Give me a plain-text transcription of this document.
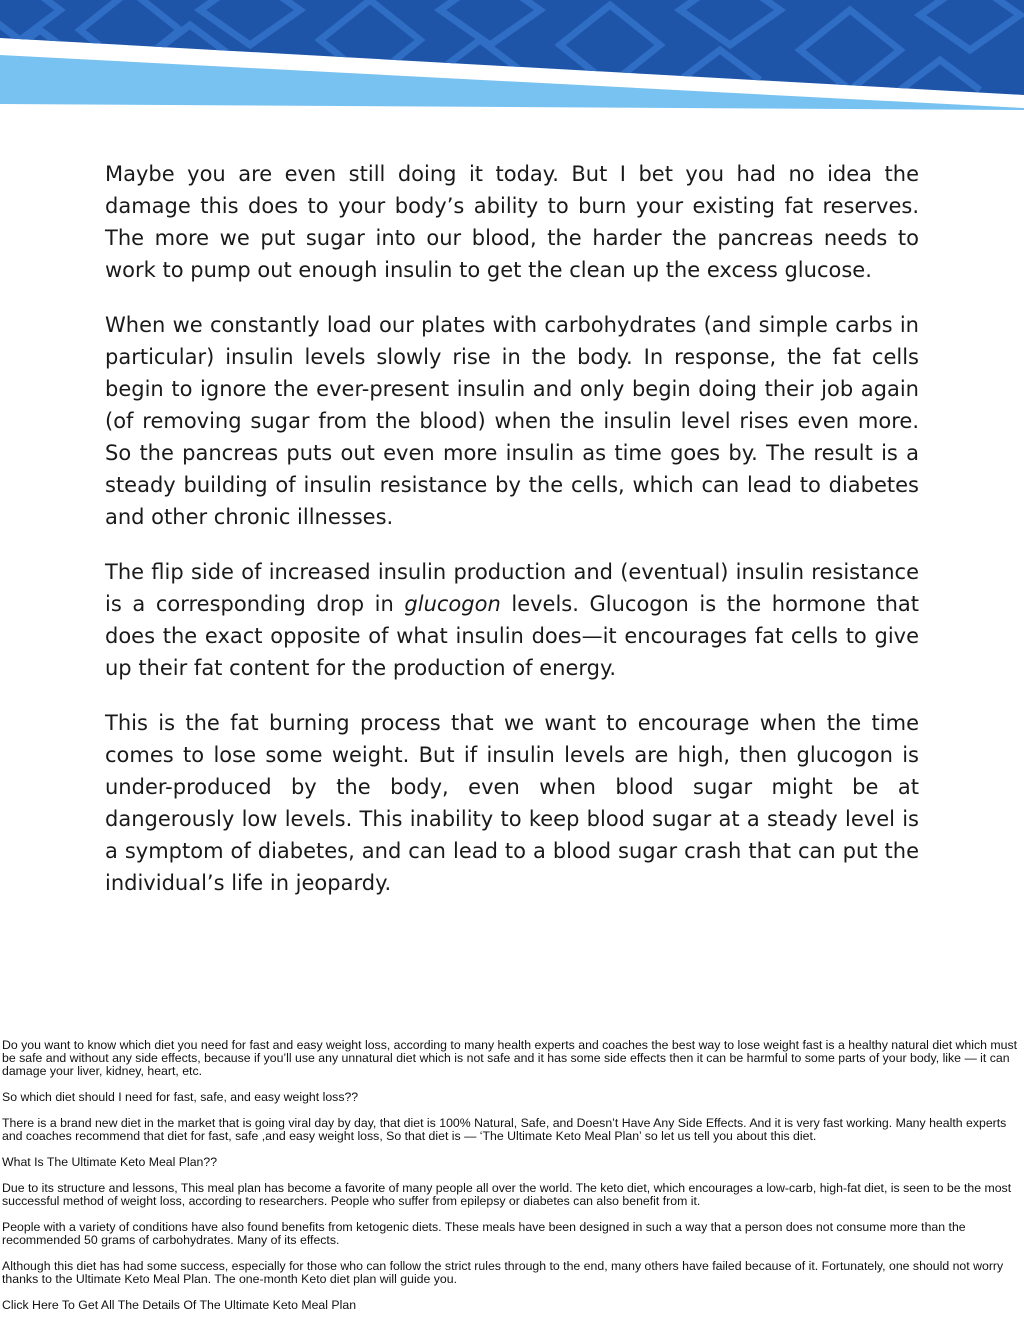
Maybe you are even still doing it today. But I bet you had no idea the damage this does to your body’s ability to burn your existing fat reserves. The more we put sugar into our blood, the harder the pancreas needs to work to pump out enough insulin to get the clean up the excess glucose.

When we constantly load our plates with carbohydrates (and simple carbs in particular) insulin levels slowly rise in the body. In response, the fat cells begin to ignore the ever-present insulin and only begin doing their job again (of removing sugar from the blood) when the insulin level rises even more. So the pancreas puts out even more insulin as time goes by. The result is a steady building of insulin resistance by the cells, which can lead to diabetes and other chronic illnesses.

The flip side of increased insulin production and (eventual) insulin resistance is a corresponding drop in glucogon levels. Glucogon is the hormone that does the exact opposite of what insulin does—it encourages fat cells to give up their fat content for the production of energy.

This is the fat burning process that we want to encourage when the time comes to lose some weight. But if insulin levels are high, then glucogon is under-produced by the body, even when blood sugar might be at dangerously low levels. This inability to keep blood sugar at a steady level is a symptom of diabetes, and can lead to a blood sugar crash that can put the individual’s life in jeopardy.

Do you want to know which diet you need for fast and easy weight loss, according to many health experts and coaches the best way to lose weight fast is a healthy natural diet which must be safe and without any side effects, because if you’ll use any unnatural diet which is not safe and it has some side effects then it can be harmful to some parts of your body, like — it can damage your liver, kidney, heart, etc.

So which diet should I need for fast, safe, and easy weight loss??

There is a brand new diet in the market that is going viral day by day, that diet is 100% Natural, Safe, and Doesn’t Have Any Side Effects. And it is very fast working. Many health experts and coaches recommend that diet for fast, safe ,and easy weight loss, So that diet is — ‘The Ultimate Keto Meal Plan’ so let us tell you about this diet.

What Is The Ultimate Keto Meal Plan??

Due to its structure and lessons, This meal plan has become a favorite of many people all over the world. The keto diet, which encourages a low-carb, high-fat diet, is seen to be the most successful method of weight loss, according to researchers. People who suffer from epilepsy or diabetes can also benefit from it.

People with a variety of conditions have also found benefits from ketogenic diets. These meals have been designed in such a way that a person does not consume more than the recommended 50 grams of carbohydrates. Many of its effects.

Although this diet has had some success, especially for those who can follow the strict rules through to the end, many others have failed because of it. Fortunately, one should not worry thanks to the Ultimate Keto Meal Plan. The one-month Keto diet plan will guide you.

Click Here To Get All The Details Of The Ultimate Keto Meal Plan
